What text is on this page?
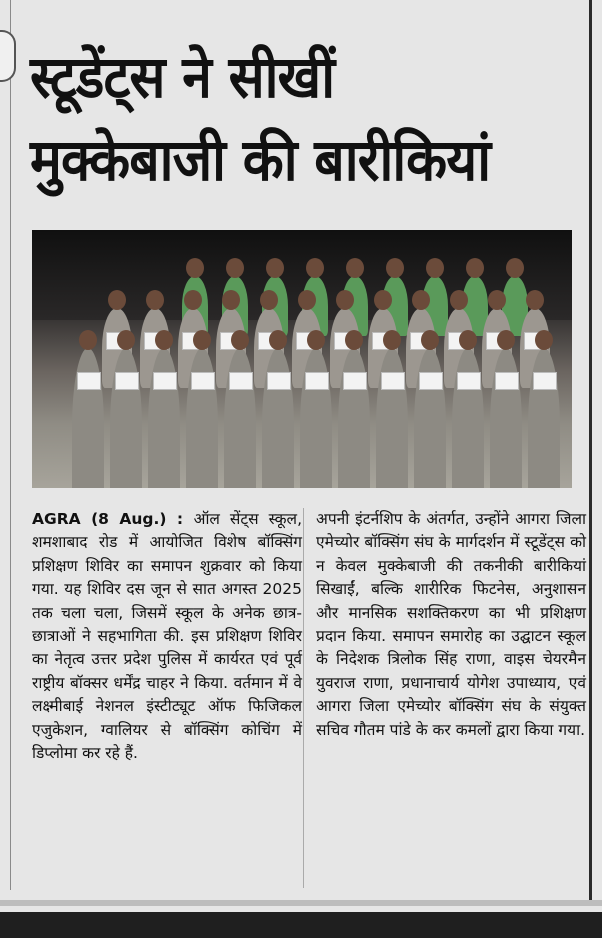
स्टूडेंट्स ने सीखीं
मुक्केबाजी की बारीकियां
AGRA (8 Aug.) : ऑल सेंट्स स्कूल, शमशाबाद रोड में आयोजित विशेष बॉक्सिंग प्रशिक्षण शिविर का समापन शुक्रवार को किया गया. यह शिविर दस जून से सात अगस्त 2025 तक चला चला, जिसमें स्कूल के अनेक छात्र-छात्राओं ने सहभागिता की. इस प्रशिक्षण शिविर का नेतृत्व उत्तर प्रदेश पुलिस में कार्यरत एवं पूर्व राष्ट्रीय बॉक्सर धर्मेंद्र चाहर ने किया. वर्तमान में वे लक्ष्मीबाई नेशनल इंस्टीट्यूट ऑफ फिजिकल एजुकेशन, ग्वालियर से बॉक्सिंग कोचिंग में डिप्लोमा कर रहे हैं.
अपनी इंटर्नशिप के अंतर्गत, उन्होंने आगरा जिला एमेच्योर बॉक्सिंग संघ के मार्गदर्शन में स्टूडेंट्स को न केवल मुक्केबाजी की तकनीकी बारीकियां सिखाईं, बल्कि शारीरिक फिटनेस, अनुशासन और मानसिक सशक्तिकरण का भी प्रशिक्षण प्रदान किया. समापन समारोह का उद्घाटन स्कूल के निदेशक त्रिलोक सिंह राणा, वाइस चेयरमैन युवराज राणा, प्रधानाचार्य योगेश उपाध्याय, एवं आगरा जिला एमेच्योर बॉक्सिंग संघ के संयुक्त सचिव गौतम पांडे के कर कमलों द्वारा किया गया.
